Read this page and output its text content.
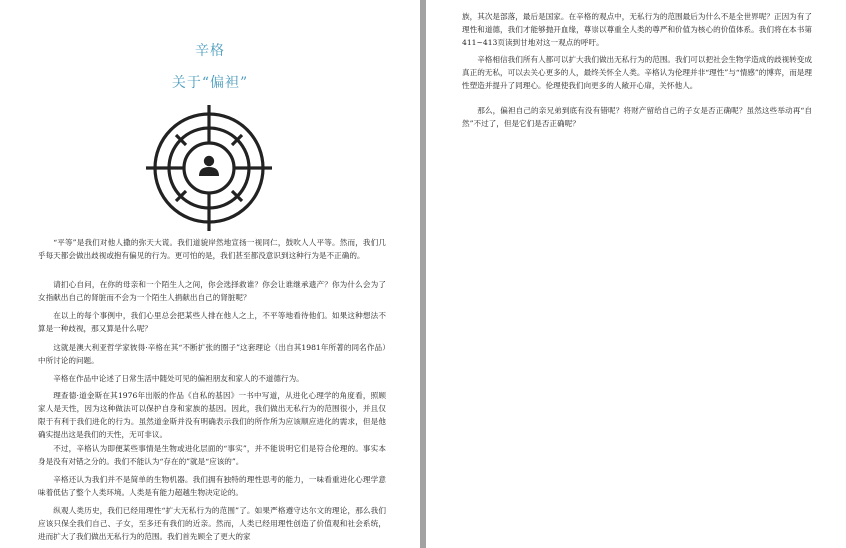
辛格
关于“偏袒”

“平等”是我们对他人撒的弥天大谎。我们道貌岸然地宣扬一视同仁，鼓吹人人平等。然而，我们几乎每天都会做出歧视或抱有偏见的行为。更可怕的是，我们甚至都没意识到这种行为是不正确的。

请扪心自问，在你的母亲和一个陌生人之间，你会选择救谁？你会让谁继承遗产？你为什么会为了女指献出自己的肾脏而不会为一个陌生人捐献出自己的肾脏呢？

在以上的每个事例中，我们心里总会把某些人排在他人之上，不平等地看待他们。如果这种想法不算是一种歧视，那又算是什么呢？

这就是澳大利亚哲学家彼得·辛格在其“不断扩张的圈子”这套理论（出自其1981年所著的同名作品）中所讨论的问题。

辛格在作品中论述了日常生活中随处可见的偏袒朋友和家人的不道德行为。

理查德·道金斯在其1976年出版的作品《自私的基因》一书中写道，从进化心理学的角度看，照顾家人是天性，因为这种做法可以保护自身和家族的基因。因此，我们做出无私行为的范围很小，并且仅限于有利于我们进化的行为。虽然道金斯并没有明确表示我们的所作所为应该顺应进化的需求，但是他确实提出这是我们的天性，无可非议。

不过，辛格认为即便某些事情是生物或进化层面的“事实”，并不能说明它们是符合伦理的。事实本身是没有对错之分的。我们不能认为“存在的”就是“应该的”。

辛格还认为我们并不是简单的生物机器。我们拥有独特的理性思考的能力，一味看重进化心理学意味着低估了整个人类环境。人类是有能力超越生物决定论的。

纵观人类历史，我们已经用理性“扩大无私行为的范围”了。如果严格遵守达尔文的理论，那么我们应该只保全我们自己、子女，至多还有我们的近亲。然而，人类已经用理性创造了价值观和社会系统，进而扩大了我们做出无私行为的范围。我们首先顾全了更大的家

族，其次是部落，最后是国家。在辛格的观点中，无私行为的范围最后为什么不是全世界呢？正因为有了理性和道德，我们才能够抛开血缘，尊崇以尊重全人类的尊严和价值为核心的价值体系。我们将在本书第411~413页读到甘地对这一观点的呼吁。

辛格相信我们所有人都可以扩大我们做出无私行为的范围。我们可以把社会生物学造成的歧视转变成真正的无私，可以去关心更多的人，最终关怀全人类。辛格认为伦理并非“理性”与“情感”的博弈，而是理性塑造并提升了同理心。伦理使我们向更多的人敞开心扉，关怀他人。

那么，偏袒自己的亲兄弟到底有没有错呢？将财产留给自己的子女是否正确呢？虽然这些举动再“自然”不过了，但是它们是否正确呢？
